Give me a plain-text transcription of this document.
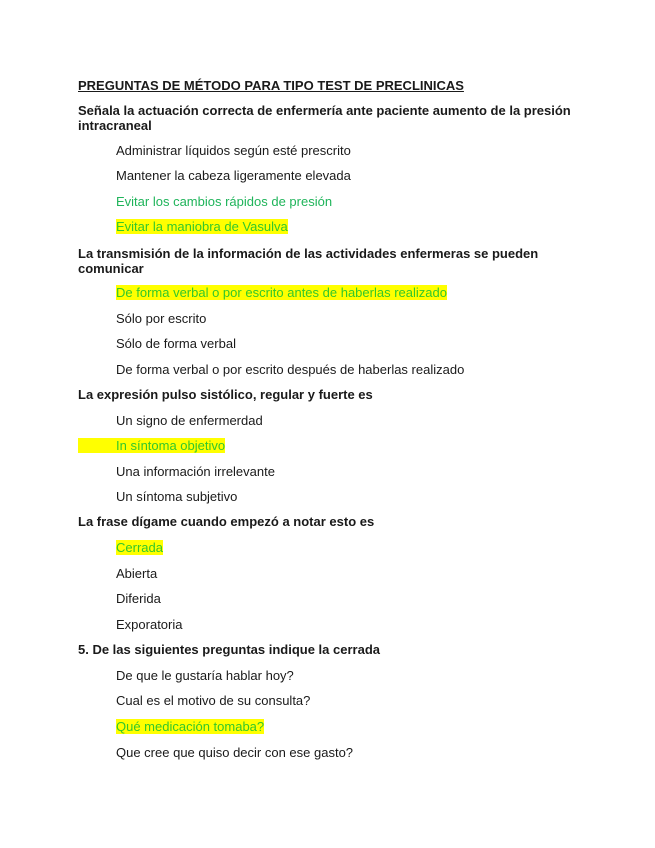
PREGUNTAS DE MÉTODO PARA TIPO TEST DE PRECLINICAS
Señala la actuación correcta de enfermería ante paciente aumento de la presión intracraneal
Administrar líquidos según esté prescrito
Mantener la cabeza ligeramente elevada
Evitar los cambios rápidos de presión
Evitar la maniobra de Vasulva
La transmisión de la información de las actividades enfermeras se pueden comunicar
De forma verbal o por escrito antes de haberlas realizado
Sólo por escrito
Sólo de forma verbal
De forma verbal o por escrito después de haberlas realizado
La expresión pulso sistólico, regular y fuerte es
Un signo de enfermerdad
In síntoma objetivo
Una información irrelevante
Un síntoma subjetivo
La frase dígame cuando empezó a notar esto es
Cerrada
Abierta
Diferida
Exporatoria
5. De las siguientes preguntas indique la cerrada
De que le gustaría hablar hoy?
Cual es el motivo de su consulta?
Qué medicación tomaba?
Que cree que quiso decir con ese gasto?
